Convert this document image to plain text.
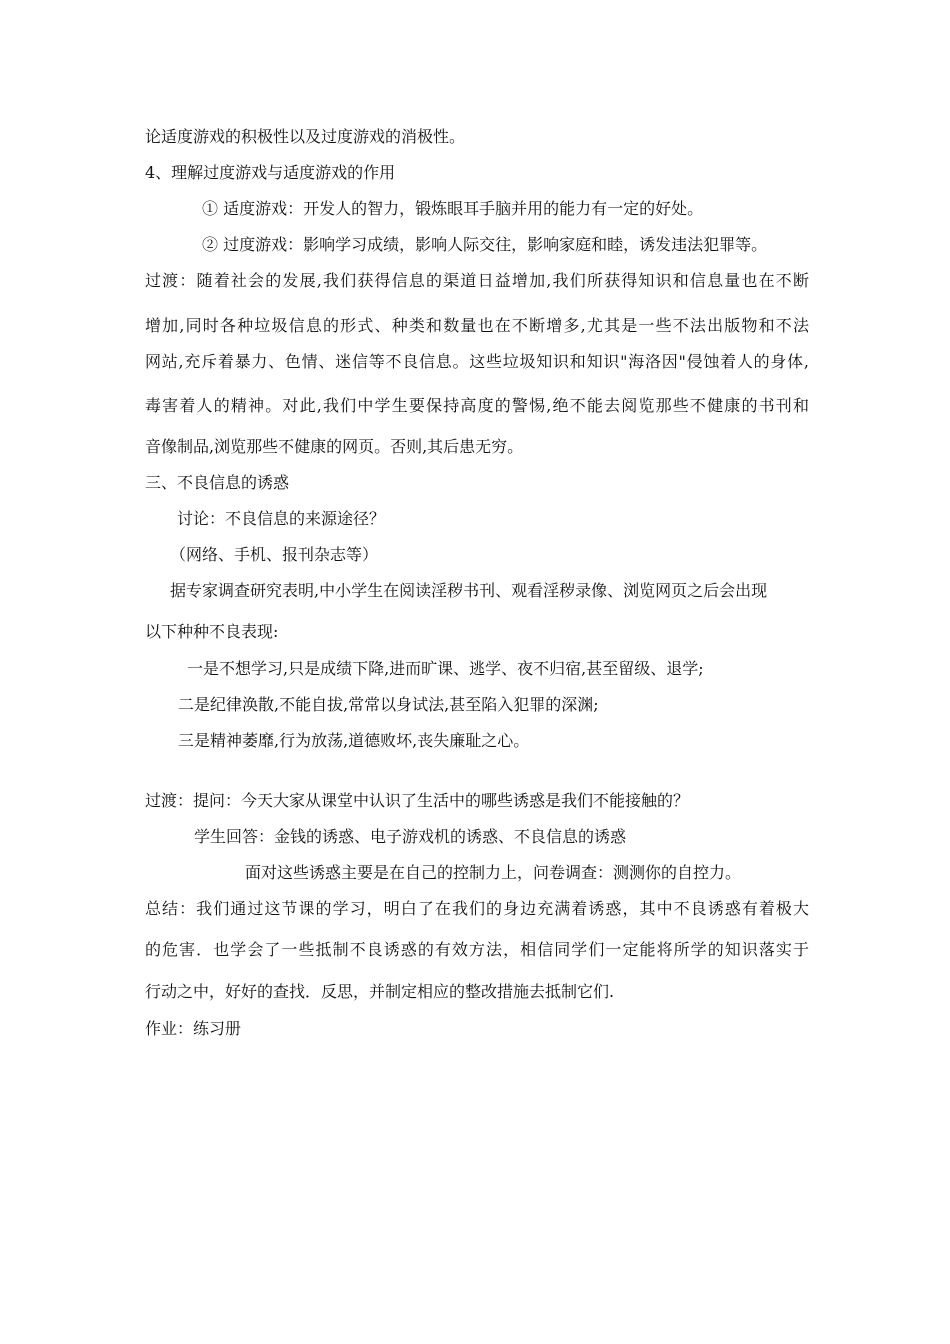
论适度游戏的积极性以及过度游戏的消极性。
4、理解过度游戏与适度游戏的作用
① 适度游戏：开发人的智力，锻炼眼耳手脑并用的能力有一定的好处。
② 过度游戏：影响学习成绩，影响人际交往，影响家庭和睦，诱发违法犯罪等。
过渡：随着社会的发展,我们获得信息的渠道日益增加,我们所获得知识和信息量也在不断
增加,同时各种垃圾信息的形式、种类和数量也在不断增多,尤其是一些不法出版物和不法
网站,充斥着暴力、色情、迷信等不良信息。这些垃圾知识和知识"海洛因"侵蚀着人的身体,
毒害着人的精神。对此,我们中学生要保持高度的警惕,绝不能去阅览那些不健康的书刊和
音像制品,浏览那些不健康的网页。否则,其后患无穷。
三、不良信息的诱惑
讨论：不良信息的来源途径？
（网络、手机、报刊杂志等）
据专家调查研究表明,中小学生在阅读淫秽书刊、观看淫秽录像、浏览网页之后会出现
以下种种不良表现:
一是不想学习,只是成绩下降,进而旷课、逃学、夜不归宿,甚至留级、退学;
二是纪律涣散,不能自拔,常常以身试法,甚至陷入犯罪的深渊;
三是精神萎靡,行为放荡,道德败坏,丧失廉耻之心。
过渡：提问：今天大家从课堂中认识了生活中的哪些诱惑是我们不能接触的？
学生回答：金钱的诱惑、电子游戏机的诱惑、不良信息的诱惑
面对这些诱惑主要是在自己的控制力上，问卷调查：测测你的自控力。
总结：我们通过这节课的学习，明白了在我们的身边充满着诱惑，其中不良诱惑有着极大
的危害．也学会了一些抵制不良诱惑的有效方法，相信同学们一定能将所学的知识落实于
行动之中，好好的查找．反思，并制定相应的整改措施去抵制它们.
作业：练习册
